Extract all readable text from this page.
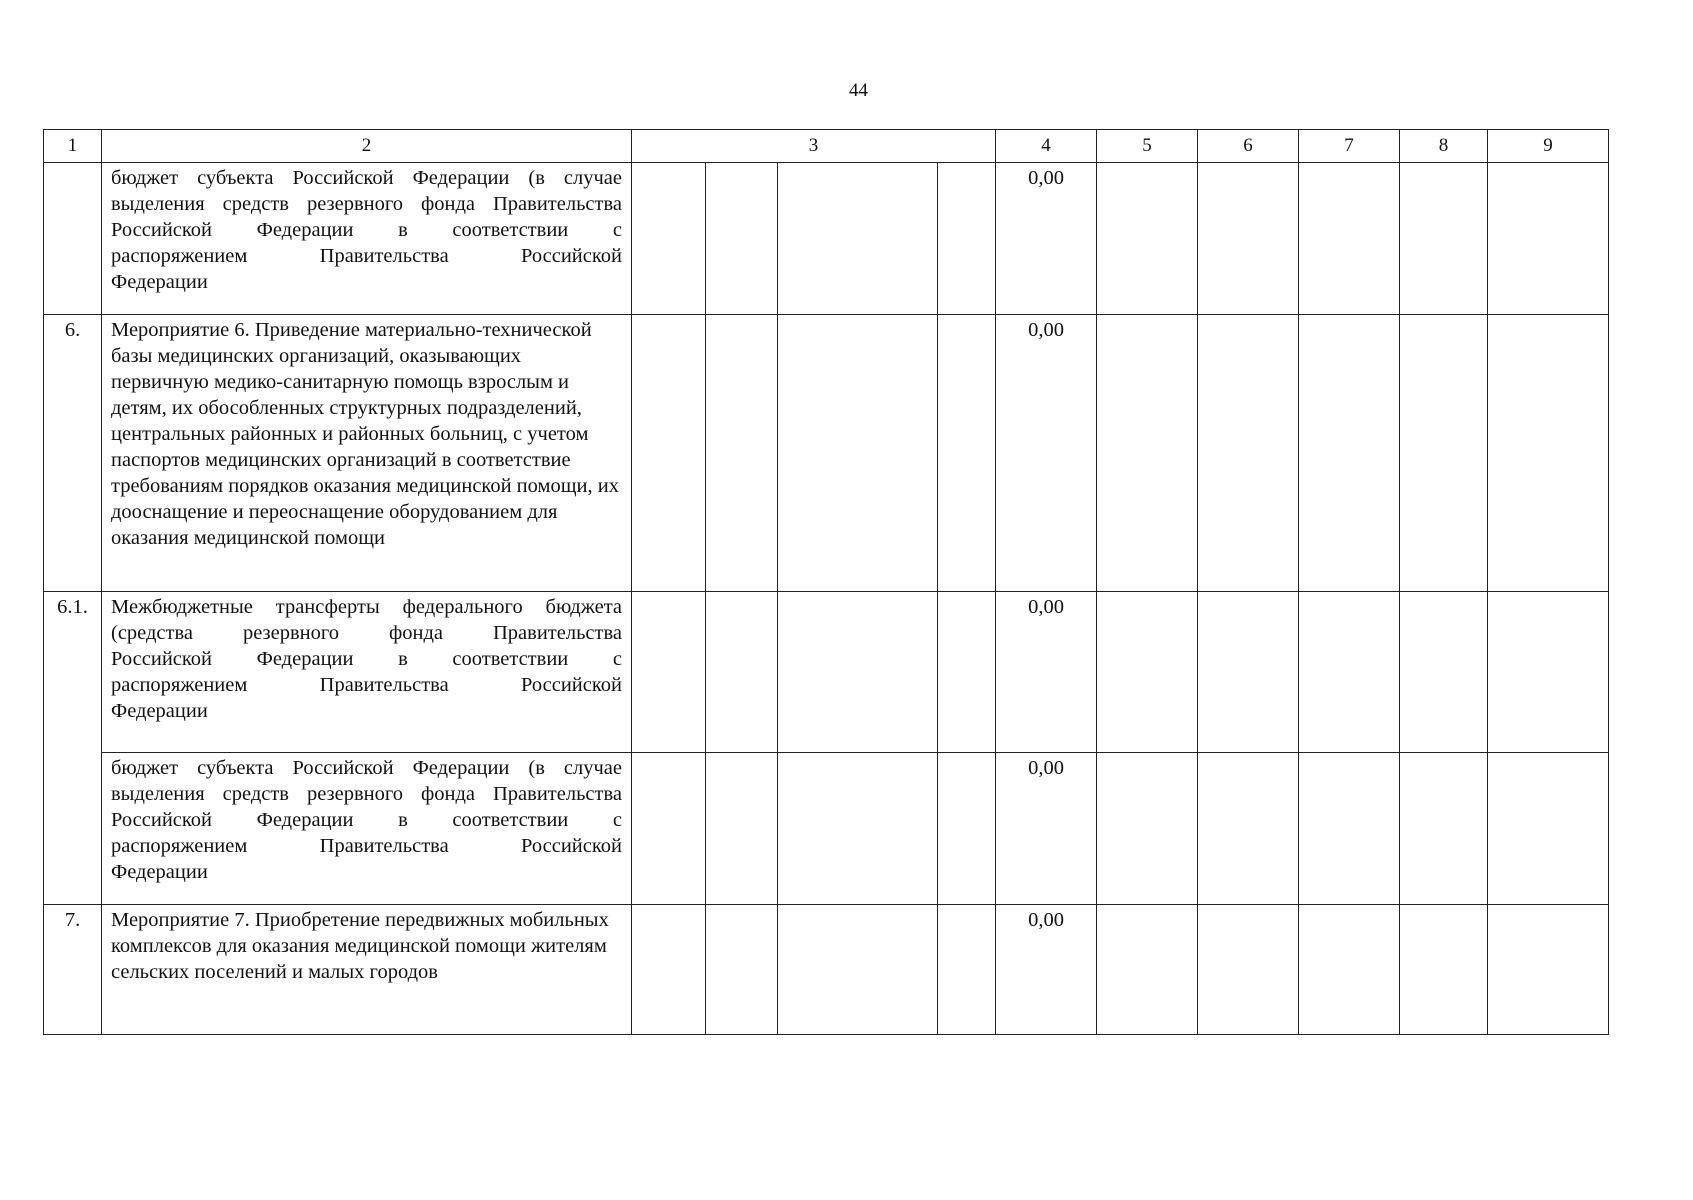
44
1	2	3				4	5	6	7	8	9

	бюджет субъекта Российской Федерации (в случае
выделения средств резервного фонда Правительства
Российской Федерации в соответствии с
распоряжением Правительства Российской
Федерации					0,00					
6.	Мероприятие 6. Приведение материально-технической базы медицинских организаций, оказывающих первичную медико-санитарную помощь взрослым и детям, их обособленных структурных подразделений, центральных районных и районных больниц, с учетом паспортов медицинских организаций в соответствие требованиям порядков оказания медицинской помощи, их дооснащение и переоснащение оборудованием для оказания медицинской помощи					0,00					
6.1.	Межбюджетные трансферты федерального бюджета
(средства резервного фонда Правительства
Российской Федерации в соответствии с
распоряжением Правительства Российской
Федерации					0,00					

	бюджет субъекта Российской Федерации (в случае
выделения средств резервного фонда Правительства
Российской Федерации в соответствии с
распоряжением Правительства Российской
Федерации					0,00					
7.	Мероприятие 7. Приобретение передвижных мобильных комплексов для оказания медицинской помощи жителям сельских поселений и малых городов					0,00					
